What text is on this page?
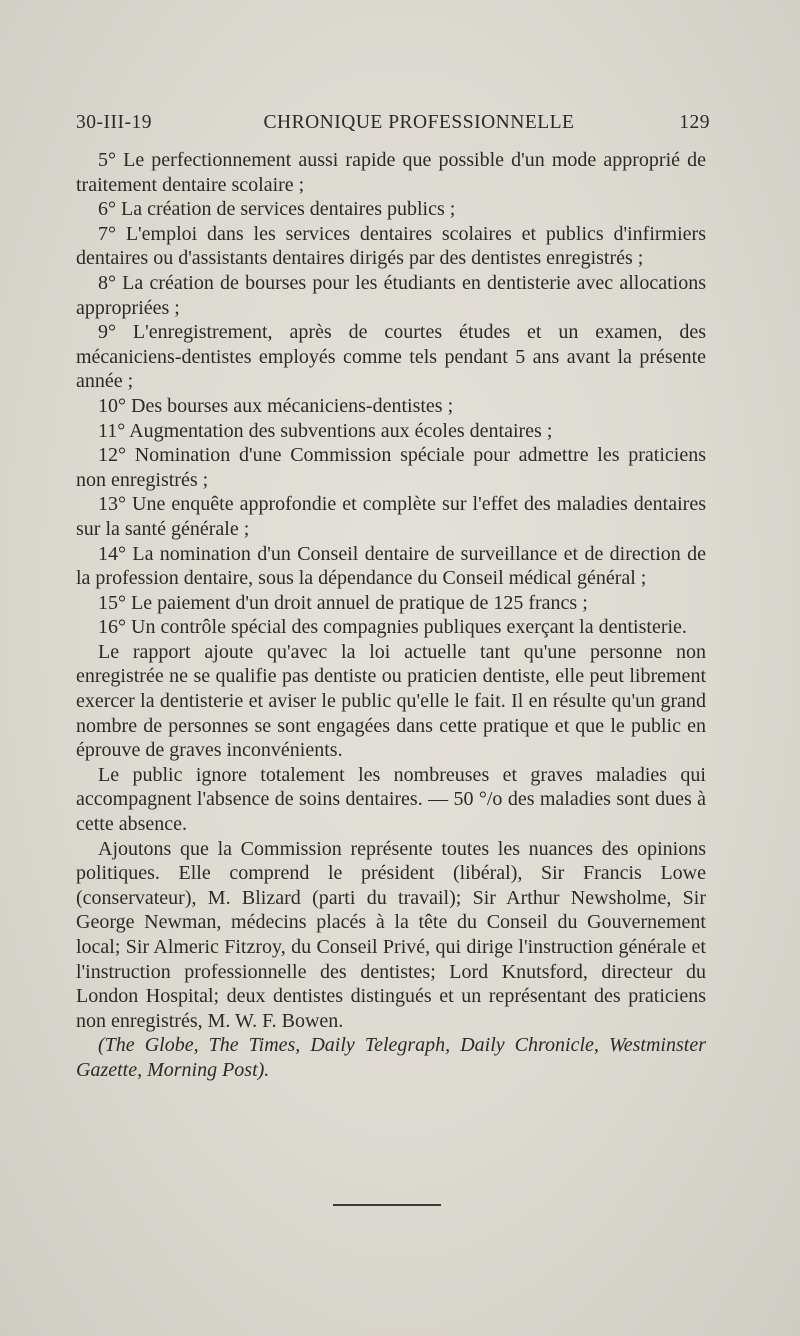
30-III-19	CHRONIQUE PROFESSIONNELLE	129

5° Le perfectionnement aussi rapide que possible d'un mode approprié de traitement dentaire scolaire ;

6° La création de services dentaires publics ;

7° L'emploi dans les services dentaires scolaires et publics d'infirmiers dentaires ou d'assistants dentaires dirigés par des dentistes enregistrés ;

8° La création de bourses pour les étudiants en dentisterie avec allocations appropriées ;

9° L'enregistrement, après de courtes études et un examen, des mécaniciens-dentistes employés comme tels pendant 5 ans avant la présente année ;

10° Des bourses aux mécaniciens-dentistes ;

11° Augmentation des subventions aux écoles dentaires ;

12° Nomination d'une Commission spéciale pour admettre les praticiens non enregistrés ;

13° Une enquête approfondie et complète sur l'effet des maladies dentaires sur la santé générale ;

14° La nomination d'un Conseil dentaire de surveillance et de direction de la profession dentaire, sous la dépendance du Conseil médical général ;

15° Le paiement d'un droit annuel de pratique de 125 francs ;

16° Un contrôle spécial des compagnies publiques exerçant la dentisterie.

Le rapport ajoute qu'avec la loi actuelle tant qu'une personne non enregistrée ne se qualifie pas dentiste ou praticien dentiste, elle peut librement exercer la dentisterie et aviser le public qu'elle le fait. Il en résulte qu'un grand nombre de personnes se sont engagées dans cette pratique et que le public en éprouve de graves inconvénients.

Le public ignore totalement les nombreuses et graves maladies qui accompagnent l'absence de soins dentaires. — 50 °/o des maladies sont dues à cette absence.

Ajoutons que la Commission représente toutes les nuances des opinions politiques. Elle comprend le président (libéral), Sir Francis Lowe (conservateur), M. Blizard (parti du travail); Sir Arthur Newsholme, Sir George Newman, médecins placés à la tête du Conseil du Gouvernement local; Sir Almeric Fitzroy, du Conseil Privé, qui dirige l'instruction générale et l'instruction professionnelle des dentistes; Lord Knutsford, directeur du London Hospital; deux dentistes distingués et un représentant des praticiens non enregistrés, M. W. F. Bowen.

(The Globe, The Times, Daily Telegraph, Daily Chronicle, Westminster Gazette, Morning Post).
